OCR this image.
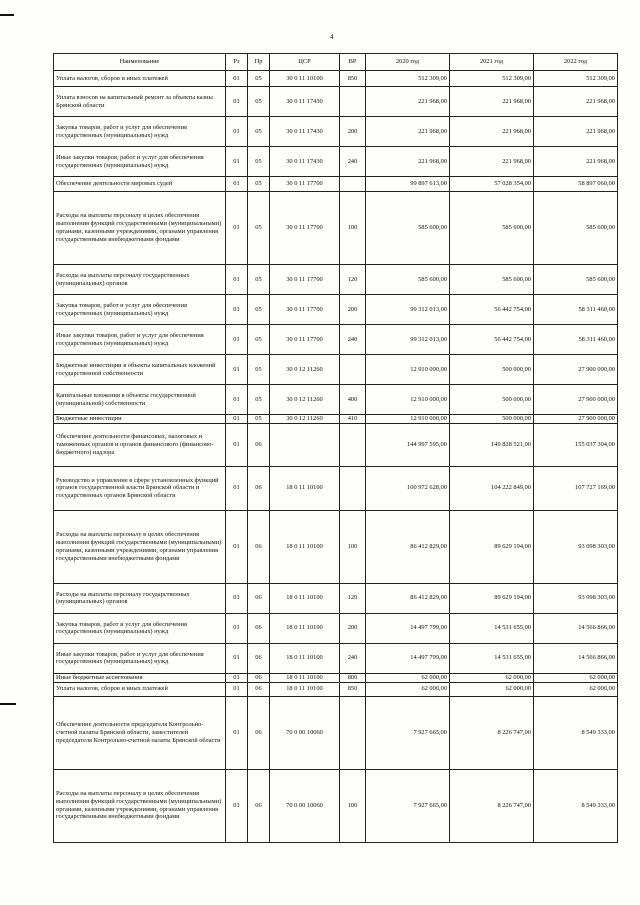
4
Наименование	Рз	Пр	ЦСР	ВР	2020 год	2021 год	2022 год
Уплата налогов, сборов и иных платежей	01	05	30 0 11 10100	850	512 309,00	512 309,00	512 309,00
Уплата взносов на капитальный ремонт за объекты казны Брянской области	01	05	30 0 11 17430		221 968,00	221 968,00	221 968,00
Закупка товаров, работ и услуг для обеспечения государственных (муниципальных) нужд	01	05	30 0 11 17430	200	221 968,00	221 968,00	221 968,00
Иные закупки товаров, работ и услуг для обеспечения государственных (муниципальных) нужд	01	05	30 0 11 17430	240	221 968,00	221 968,00	221 968,00
Обеспечение деятельности мировых судей	01	05	30 0 11 17700		99 897 613,00	57 028 354,00	58 897 060,00
Расходы на выплаты персоналу в целях обеспечения выполнения функций государственными (муниципальными) органами, казенными учреждениями, органами управления государственными внебюджетными фондами	01	05	30 0 11 17700	100	585 600,00	585 600,00	585 600,00
Расходы на выплаты персоналу государственных (муниципальных) органов	01	05	30 0 11 17700	120	585 600,00	585 600,00	585 600,00
Закупка товаров, работ и услуг для обеспечения государственных (муниципальных) нужд	01	05	30 0 11 17700	200	99 312 013,00	56 442 754,00	58 311 460,00
Иные закупки товаров, работ и услуг для обеспечения государственных (муниципальных) нужд	01	05	30 0 11 17700	240	99 312 013,00	56 442 754,00	58 311 460,00
Бюджетные инвестиции в объекты капитальных вложений государственной собственности	01	05	30 0 12 11260		12 910 000,00	500 000,00	27 900 000,00
Капитальные вложения в объекты государственной (муниципальной) собственности	01	05	30 0 12 11260	400	12 910 000,00	500 000,00	27 900 000,00
Бюджетные инвестиции	01	05	30 0 12 11260	410	12 910 000,00	500 000,00	27 900 000,00
Обеспечение деятельности финансовых, налоговых и таможенных органов и органов финансового (финансово-бюджетного) надзора	01	06			144 997 595,00	149 828 521,00	155 037 304,00
Руководство и управление в сфере установленных функций органов государственной власти Брянской области и государственных органов Брянской области	01	06	18 0 11 10100		100 972 628,00	104 222 849,00	107 727 169,00
Расходы на выплаты персоналу в целях обеспечения выполнения функций государственными (муниципальными) органами, казенными учреждениями, органами управления государственными внебюджетными фондами	01	06	18 0 11 10100	100	86 412 829,00	89 629 194,00	93 098 303,00
Расходы на выплаты персоналу государственных (муниципальных) органов	01	06	18 0 11 10100	120	86 412 829,00	89 629 194,00	93 098 303,00
Закупка товаров, работ и услуг для обеспечения государственных (муниципальных) нужд	01	06	18 0 11 10100	200	14 497 799,00	14 531 655,00	14 566 866,00
Иные закупки товаров, работ и услуг для обеспечения государственных (муниципальных) нужд	01	06	18 0 11 10100	240	14 497 799,00	14 531 655,00	14 566 866,00
Иные бюджетные ассигнования	01	06	18 0 11 10100	800	62 000,00	62 000,00	62 000,00
Уплата налогов, сборов и иных платежей	01	06	18 0 11 10100	850	62 000,00	62 000,00	62 000,00
Обеспечение деятельности председателя Контрольно-счетной палаты Брянской области, заместителей председателя Контрольно-счетной палаты Брянской области	01	06	70 0 00 10060		7 927 665,00	8 226 747,00	8 549 333,00
Расходы на выплаты персоналу в целях обеспечения выполнения функций государственными (муниципальными) органами, казенными учреждениями, органами управления государственными внебюджетными фондами	01	06	70 0 00 10060	100	7 927 665,00	8 226 747,00	8 549 333,00
